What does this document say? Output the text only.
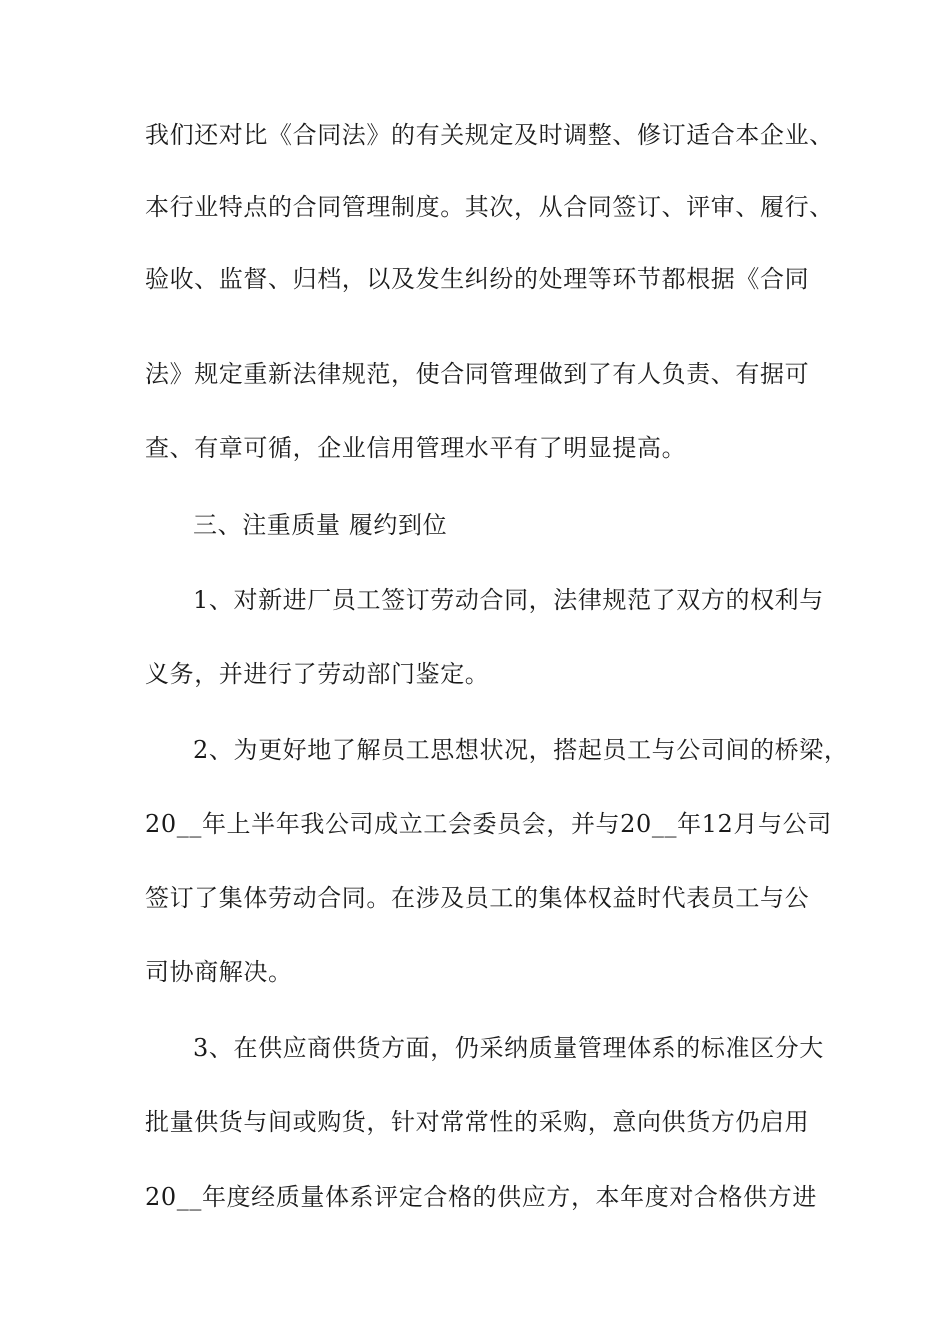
我们还对比《合同法》的有关规定及时调整、修订适合本企业、
本行业特点的合同管理制度。其次，从合同签订、评审、履行、
验收、监督、归档，以及发生纠纷的处理等环节都根据《合同
法》规定重新法律规范，使合同管理做到了有人负责、有据可
查、有章可循，企业信用管理水平有了明显提高。
三、注重质量 履约到位
1、对新进厂员工签订劳动合同，法律规范了双方的权利与
义务，并进行了劳动部门鉴定。
2、为更好地了解员工思想状况，搭起员工与公司间的桥梁，
20__年上半年我公司成立工会委员会，并与20__年12月与公司
签订了集体劳动合同。在涉及员工的集体权益时代表员工与公
司协商解决。
3、在供应商供货方面，仍采纳质量管理体系的标准区分大
批量供货与间或购货，针对常常性的采购，意向供货方仍启用
20__年度经质量体系评定合格的供应方，本年度对合格供方进
